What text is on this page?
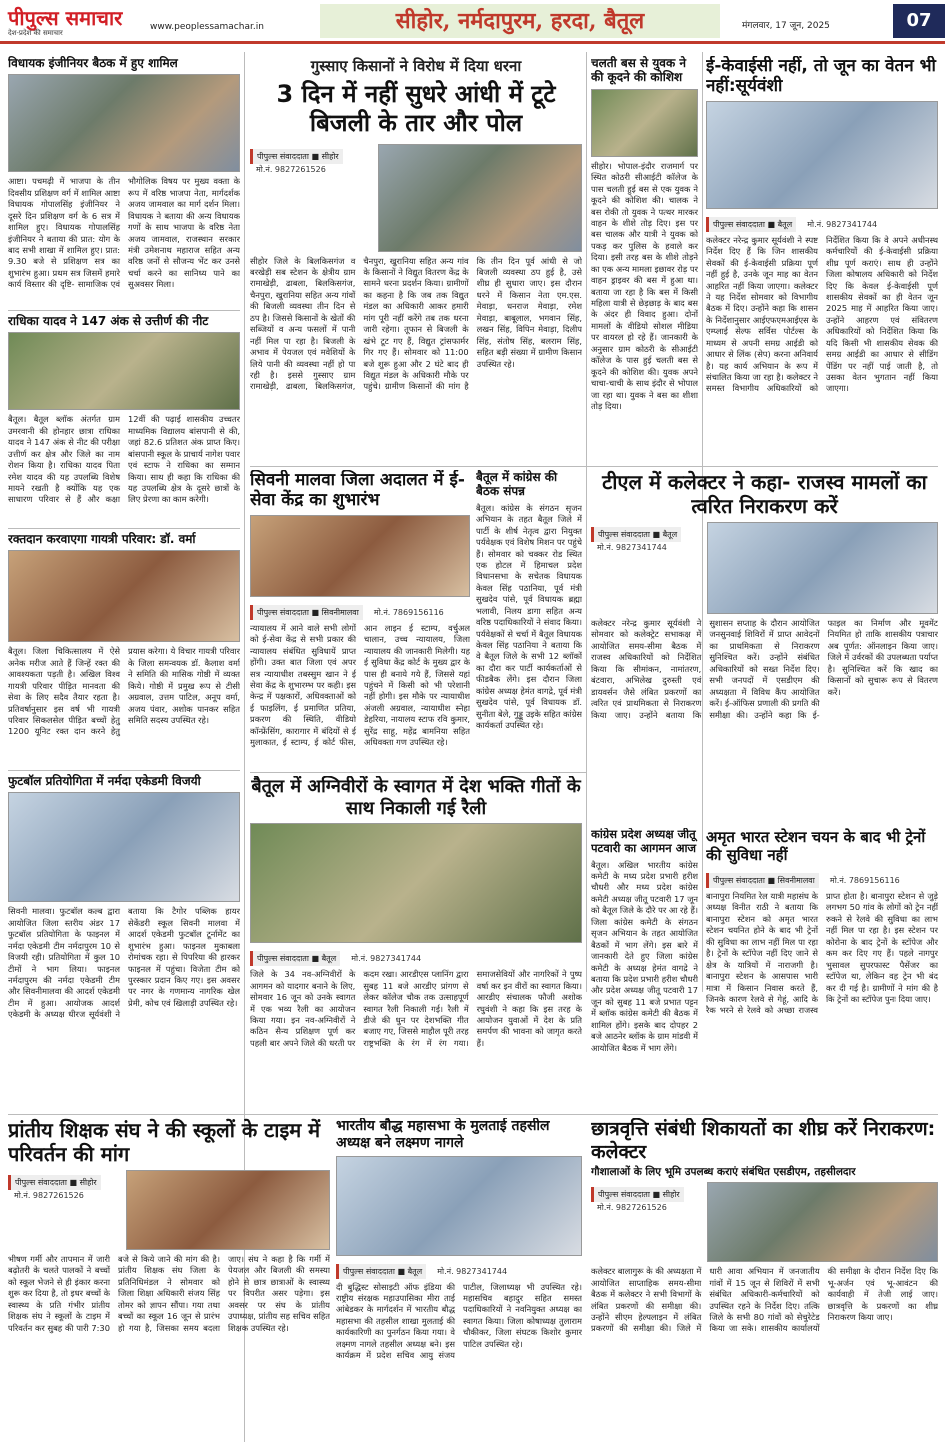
पीपुल्स समाचार
देश-प्रदेश की समाचार
www.peoplessamachar.in	सीहोर, नर्मदापुरम, हरदा, बैतूल	मंगलवार, 17 जून, 2025	07
विधायक इंजीनियर बैठक में हुए शामिल
आष्टा। पचमढ़ी में भाजपा के तीन दिवसीय प्रशिक्षण वर्ग में शामिल आष्टा विधायक गोपालसिंह इंजीनियर ने दूसरे दिन प्रशिक्षण वर्ग के 6 सत्र में शामिल हुए। विधायक गोपालसिंह इंजीनियर ने बताया की प्रात: योग के बाद सभी शाखा में शामिल हुए। प्रात: 9.30 बजे से प्रशिक्षण सत्र का शुभारंभ हुआ। प्रथम सत्र जिसमें हमारे कार्य विस्तार की दृष्टि- सामाजिक एवं भौगोलिक विषय पर मुख्य वक्ता के रूप में वरिष्ठ भाजपा नेता, मार्गदर्शक अजय जामवाल का मार्ग दर्शन मिला। विधायक ने बताया की अन्य विधायक गणों के साथ भाजपा के वरिष्ठ नेता अजय जामवाल, राजस्थान सरकार मंत्री उमेशनाथ महाराज सहित अन्य वरिष्ठ जनों से सौजन्य भेंट कर उनसे चर्चा करने का सानिध्य पाने का सुअवसर मिला।
राधिका यादव ने 147 अंक से उत्तीर्ण की नीट
बैतूल। बैतूल ब्लॉक अंतर्गत ग्राम उमरवानी की होनहार छात्रा राधिका यादव ने 147 अंक से नीट की परीक्षा उत्तीर्ण कर क्षेत्र और जिले का नाम रोशन किया है। राधिका यादव पिता रमेश यादव की यह उपलब्धि विशेष मायने रखती है क्योंकि यह एक साधारण परिवार से हैं और कक्षा 12वीं की पढ़ाई शासकीय उच्चतर माध्यमिक विद्यालय बांसपानी से की, जहां 82.6 प्रतिशत अंक प्राप्त किए। बांसपानी स्कूल के प्राचार्य नागेश पवार एवं स्टाफ ने राधिका का सम्मान किया। साथ ही कहा कि राधिका की यह उपलब्धि क्षेत्र के दूसरे छात्रों के लिए प्रेरणा का काम करेगी।
रक्तदान करवाएगा गायत्री परिवार: डॉ. वर्मा
बैतूल। जिला चिकित्सालय में ऐसे अनेक मरीज आते हैं जिन्हें रक्त की आवश्यकता पड़ती है। अखिल विश्व गायत्री परिवार पीड़ित मानवता की सेवा के लिए सदैव तैयार रहता है। प्रतिवर्षानुसार इस वर्ष भी गायत्री परिवार सिकलसेल पीड़ित बच्चों हेतु 1200 यूनिट रक्त दान करने हेतु प्रयास करेगा। ये विचार गायत्री परिवार के जिला समन्वयक डॉ. कैलाश वर्मा ने समिति की मासिक गोष्ठी में व्यक्त किये। गोष्ठी में प्रमुख रूप से टीसी अग्रवाल, उत्तम पाटिल, अनूप वर्मा, अजय पंवार, अशोक पानकर सहित समिति सदस्य उपस्थित रहे।
फुटबॉल प्रतियोगिता में नर्मदा एकेडमी विजयी
सिवनी मालवा। फुटबॉल कल्ब द्वारा आयोजित जिला स्तरीय अंडर 17 फुटबॉल प्रतियोगिता के फाइनल में नर्मदा एकेडमी टीम नर्मदापुरम 10 से विजयी रही। प्रतियोगिता में कुल 10 टीमों ने भाग लिया। फाइनल नर्मदापुरम की नर्मदा एकेडमी टीम और सिवनीमालवा की आदर्श एकेडमी टीम में हुआ। आयोजक आदर्श एकेडमी के अध्यक्ष धीरज सूर्यवंशी ने बताया कि टैगोर पब्लिक हायर सेकेंडरी स्कूल सिवनी मालवा में आदर्श एकेडमी फुटबॉल टूर्नामेंट का शुभारंभ हुआ। फाइनल मुकाबला रोमांचक रहा। से पिपरिया की हारकर फाइनल में पहुंचा। विजेता टीम को पुरस्कार प्रदान किए गए। इस अवसर पर नगर के गणमान्य नागरिक खेल प्रेमी, कोच एवं खिलाड़ी उपस्थित रहे।
गुस्साए किसानों ने विरोध में दिया धरना
3 दिन में नहीं सुधरे आंधी में टूटे बिजली के तार और पोल
पीपुल्स संवाददाता ■ सीहोर
मो.नं. 9827261526
सीहोर जिले के बिलकिसगंज व बरखेड़ी सब स्टेशन के क्षेत्रीय ग्राम रामाखेड़ी, ढाबला, बिलकिसगंज, चैनपुरा, खुरानिया सहित अन्य गांवों की बिजली व्यवस्था तीन दिन से ठप है। जिससे किसानों के खेतों की सब्जियों व अन्य फसलों में पानी नहीं मिल पा रहा है। बिजली के अभाव में पेयजल एवं मवेशियों के लिये पानी की व्यवस्था नहीं हो पा रही है। इससे गुस्साए ग्राम रामाखेड़ी, ढाबला, बिलकिसगंज, चैनपुरा, खुरानिया सहित अन्य गांव के किसानों ने विद्युत वितरण केंद्र के सामने धरना प्रदर्शन किया। ग्रामीणों का कहना है कि जब तक विद्युत मंडल का अधिकारी आकर हमारी मांग पूरी नहीं करेंगे तब तक धरना जारी रहेगा। तूफान से बिजली के खंभे टूट गए हैं, विद्युत ट्रांसफार्मर गिर गए हैं। सोमवार को 11:00 बजे शुरू हुआ और 2 घंटे बाद ही विद्युत मंडल के अधिकारी मौके पर पहुंचे। ग्रामीण किसानों की मांग है कि तीन दिन पूर्व आंधी से जो बिजली व्यवस्था ठप हुई है, उसे शीघ्र ही सुधारा जाए। इस दौरान धरने में किसान नेता एम.एस. मेवाड़ा, धनराज मेवाड़ा, रमेश मेवाड़ा, बाबूलाल, भगवान सिंह, लखन सिंह, विपिन मेवाड़ा, दिलीप सिंह, संतोष सिंह, बलराम सिंह, सहित बड़ी संख्या में ग्रामीण किसान उपस्थित रहे।
चलती बस से युवक ने की कूदने की कोशिश
सीहोर। भोपाल-इंदौर राजमार्ग पर स्थित कोठरी सीआईटी कॉलेज के पास चलती हुई बस से एक युवक ने कूदने की कोशिश की। चालक ने बस रोकी तो युवक ने पत्थर मारकर वाहन के शीशे तोड़ दिए। इस पर बस चालक और यात्री ने युवक को पकड़ कर पुलिस के हवाले कर दिया। इसी तरह बस के शीशे तोड़ने का एक अन्य मामला इछावर रोड़ पर वाहन ड्राइवर की बस में हुआ था। बताया जा रहा है कि बस में किसी महिला यात्री से छेड़छाड़ के बाद बस के अंदर ही विवाद हुआ। दोनों मामलों के वीडियो सोशल मीडिया पर वायरल हो रहे हैं। जानकारी के अनुसार ग्राम कोठरी के सीआईटी कॉलेज के पास हुई चलती बस से कूदने की कोशिश की। युवक अपने चाचा-चाची के साथ इंदौर से भोपाल जा रहा था। युवक ने बस का शीशा तोड़ दिया।
ई-केवाईसी नहीं, तो जून का वेतन भी नहीं:सूर्यवंशी
पीपुल्स संवाददाता ■ बैतूल मो.नं. 9827341744
कलेक्टर नरेन्द्र कुमार सूर्यवंशी ने स्पष्ट निर्देश दिए हैं कि जिन शासकीय सेवकों की ई-केवाईसी प्रक्रिया पूर्ण नहीं हुई है, उनके जून माह का वेतन आहरित नहीं किया जाएगा। कलेक्टर ने यह निर्देश सोमवार को विभागीय बैठक में दिए। उन्होंने कहा कि शासन के निर्देशानुसार आईएफएमआईएस के एम्प्लाई सेल्फ सर्विस पोर्टल्स के माध्यम से अपनी समग्र आईडी को आधार से लिंक (सेप) करना अनिवार्य है। यह कार्य अभियान के रूप में संचालित किया जा रहा है। कलेक्टर ने समस्त विभागीय अधिकारियों को निर्देशित किया कि वे अपने अधीनस्थ कर्मचारियों की ई-केवाईसी प्रक्रिया शीघ्र पूर्ण कराएं। साथ ही उन्होंने जिला कोषालय अधिकारी को निर्देश दिए कि केवल ई-केवाईसी पूर्ण शासकीय सेवकों का ही वेतन जून 2025 माह में आहरित किया जाए। उन्होंने आहरण एवं संवितरण अधिकारियों को निर्देशित किया कि यदि किसी भी शासकीय सेवक की समग्र आईडी का आधार से सीडिंग पेंडिंग पर नहीं पाई जाती है, तो उसका वेतन भुगतान नहीं किया जाएगा।
सिवनी मालवा जिला अदालत में ई-सेवा केंद्र का शुभारंभ
पीपुल्स संवाददाता ■ सिवनीमालवा मो.नं. 7869156116
न्यायालय में आने वाले सभी लोगों को ई-सेवा केंद्र से सभी प्रकार की न्यायालय संबंधित सुविधायें प्राप्त होंगी। उक्त बात जिला एवं अपर सत्र न्यायाधीश तबस्सुम खान ने ई सेवा केंद्र के शुभारम्भ पर कही। इस केन्द्र में पक्षकारों, अधिवक्ताओं को ई फाइलिंग, ई प्रमाणित प्रतिया, प्रकरण की स्थिति, वीडियो कॉन्फ्रेंसिंग, कारागार में बंदियों से ई मुलाकात, ई स्टाम्प, ई कोर्ट फीस, आन लाइन ई स्टाम्प, वर्चुअल चालान, उच्च न्यायालय, जिला न्यायालय की जानकारी मिलेगी। यह ई सुविधा केंद्र कोर्ट के मुख्य द्वार के पास ही बनाये गये हैं, जिससे यहां पहुंचने में किसी को भी परेशानी नहीं होगी। इस मौके पर न्यायाधीश अंजली अग्रवाल, न्यायाधीश स्नेहा डेहरिया, नायालय स्टाफ रवि कुमार, सुरेंद्र साहू, महेंद्र बामनिया सहित अधिवक्ता गण उपस्थित रहे।
बैतूल में कांग्रेस की बैठक संपन्न
बैतूल। कांग्रेस के संगठन सृजन अभियान के तहत बैतूल जिले में पार्टी के शीर्ष नेतृत्व द्वारा नियुक्त पर्यवेक्षक एवं विशेष मिशन पर पहुंचे हैं। सोमवार को चक्कर रोड स्थित एक होटल में हिमाचल प्रदेश विधानसभा के सचेतक विधायक केवल सिंह पठानिया, पूर्व मंत्री सुखदेव पांसे, पूर्व विधायक ब्रह्मा भलावी, निलय डागा सहित अन्य वरिष्ठ पदाधिकारियों ने संवाद किया। पर्यवेक्षकों से चर्चा में बैतूल विधायक केवल सिंह पठानिया ने बताया कि वे बैतूल जिले के सभी 12 ब्लॉकों का दौरा कर पार्टी कार्यकर्ताओं से फीडबैक लेंगे। इस दौरान जिला कांग्रेस अध्यक्ष हेमंत वागद्रे, पूर्व मंत्री सुखदेव पांसे, पूर्व विधायक डॉ. सुनीता बेले, गुड्डू उइके सहित कांग्रेस कार्यकर्ता उपस्थित रहे।
टीएल में कलेक्टर ने कहा- राजस्व मामलों का त्वरित निराकरण करें
पीपुल्स संवाददाता ■ बैतूल
मो.नं. 9827341744
कलेक्टर नरेन्द्र कुमार सूर्यवंशी ने सोमवार को कलेक्ट्रेट सभाकक्ष में आयोजित समय-सीमा बैठक में राजस्व अधिकारियों को निर्देशित किया कि सीमांकन, नामांतरण, बंटवारा, अभिलेख दुरुस्ती एवं डायवर्सन जैसे लंबित प्रकरणों का त्वरित एवं प्राथमिकता से निराकरण किया जाए। उन्होंने बताया कि सुशासन सप्ताह के दौरान आयोजित जनसुनवाई शिविरों में प्राप्त आवेदनों का प्राथमिकता से निराकरण सुनिश्चित करें। उन्होंने संबंधित अधिकारियों को सख्त निर्देश दिए। सभी जनपदों में एसडीएम की अध्यक्षता में विविध कैंप आयोजित करें। ई-ऑफिस प्रणाली की प्रगति की समीक्षा की। उन्होंने कहा कि ई-फाइल का निर्माण और मूवमेंट नियमित हो ताकि शासकीय पत्राचार अब पूर्णत: ऑनलाइन किया जाए। जिले में उर्वरकों की उपलब्धता पर्याप्त है। सुनिश्चित करें कि खाद का किसानों को सुचारू रूप से वितरण करें।
बैतूल में अग्निवीरों के स्वागत में देश भक्ति गीतों के साथ निकाली गई रैली
पीपुल्स संवाददाता ■ बैतूल मो.नं. 9827341744
जिले के 34 नव-अग्निवीरों के आगमन को यादगार बनाने के लिए, सोमवार 16 जून को उनके स्वागत में एक भव्य रैली का आयोजन किया गया। इन नव-अग्निवीरों ने कठिन सैन्य प्रशिक्षण पूर्ण कर पहली बार अपने जिले की धरती पर कदम रखा। आरडीएस प्लानिंग द्वारा सुबह 11 बजे आरडीए प्रांगण से लेकर कॉलेज चौक तक उत्साहपूर्ण स्वागत रैली निकाली गई। रैली में डीजे की धुन पर देशभक्ति गीत बजाए गए, जिससे माहौल पूरी तरह राष्ट्रभक्ति के रंग में रंग गया। समाजसेवियों और नागरिकों ने पुष्प वर्षा कर इन वीरों का स्वागत किया। आरडीए संचालक फौजी अशोक रघुवंशी ने कहा कि इस तरह के आयोजन युवाओं में देश के प्रति समर्पण की भावना को जागृत करते हैं।
कांग्रेस प्रदेश अध्यक्ष जीतू पटवारी का आगमन आज
बैतूल। अखिल भारतीय कांग्रेस कमेटी के मध्य प्रदेश प्रभारी हरीश चौधरी और मध्य प्रदेश कांग्रेस कमेटी अध्यक्ष जीतू पटवारी 17 जून को बैतूल जिले के दौरे पर आ रहे हैं। जिला कांग्रेस कमेटी के संगठन सृजन अभियान के तहत आयोजित बैठकों में भाग लेंगे। इस बारे में जानकारी देते हुए जिला कांग्रेस कमेटी के अध्यक्ष हेमंत वागद्रे ने बताया कि प्रदेश प्रभारी हरीश चौधरी और प्रदेश अध्यक्ष जीतू पटवारी 17 जून को सुबह 11 बजे प्रभात पट्टन में ब्लॉक कांग्रेस कमेटी की बैठक में शामिल होंगे। इसके बाद दोपहर 2 बजे आठनेर ब्लॉक के ग्राम मांडवी में आयोजित बैठक में भाग लेंगे।
अमृत भारत स्टेशन चयन के बाद भी ट्रेनों की सुविधा नहीं
पीपुल्स संवाददाता ■ सिवनीमालवा मो.नं. 7869156116
बानापुरा नियमित रेल यात्री महासंघ के अध्यक्ष विनीत राठी ने बताया कि बानापुरा स्टेशन को अमृत भारत स्टेशन चयनित होने के बाद भी ट्रेनों की सुविधा का लाभ नहीं मिल पा रहा है। ट्रेनों के स्टॉपेज नहीं दिए जाने से क्षेत्र के यात्रियों में नाराजगी है। बानापुरा स्टेशन के आसपास भारी मात्रा में किसान निवास करते हैं, जिनके कारण रेलवे से गेहूं, आदि के रैक भरने से रेलवे को अच्छा राजस्व प्राप्त होता है। बानापुरा स्टेशन से जुड़े लगभग 50 गांव के लोगों को ट्रेन नहीं रुकने से रेलवे की सुविधा का लाभ नहीं मिल पा रहा है। इस स्टेशन पर कोरोना के बाद ट्रेनों के स्टॉपेज और कम कर दिए गए हैं। पहले नागपुर भुसावल सुपरफास्ट पैसेंजर का स्टॉपेज था, लेकिन वह ट्रेन भी बंद कर दी गई है। ग्रामीणों ने मांग की है कि ट्रेनों का स्टॉपेज पुनः दिया जाए।
प्रांतीय शिक्षक संघ ने की स्कूलों के टाइम में परिवर्तन की मांग
पीपुल्स संवाददाता ■ सीहोर
मो.नं. 9827261526
भीषण गर्मी और तापमान में जारी बढ़ोतरी के चलते पालकों ने बच्चों को स्कूल भेजने से ही इंकार करना शुरू कर दिया है, तो इधर बच्चों के स्वास्थ्य के प्रति गंभीर प्रांतीय शिक्षक संघ ने स्कूलों के टाइम में परिवर्तन कर सुबह की पारी 7:30 बजे से किये जाने की मांग की है। प्रांतीय शिक्षक संघ जिला के प्रतिनिधिमंडल ने सोमवार को जिला शिक्षा अधिकारी संजय सिंह तोमर को ज्ञापन सौंपा। गया तथा बच्चों का स्कूल 16 जून से प्रारंभ हो गया है, जिसका समय बदला जाए। संघ ने कहा है कि गर्मी में पेयजल और बिजली की समस्या होने से छात्र छात्राओं के स्वास्थ्य पर विपरीत असर पड़ेगा। इस अवसर पर संघ के प्रांतीय उपाध्यक्ष, प्रांतीय सह सचिव सहित शिक्षक उपस्थित रहे।
भारतीय बौद्ध महासभा के मुलताई तहसील अध्यक्ष बने लक्ष्मण नागले
पीपुल्स संवाददाता ■ बैतूल मो.नं. 9827341744
दी बुद्धिस्ट सोसाइटी ऑफ इंडिया की राष्ट्रीय संरक्षक महाउपासिका मीरा ताई आंबेडकर के मार्गदर्शन में भारतीय बौद्ध महासभा की तहसील शाखा मुलताई की कार्यकारिणी का पुनर्गठन किया गया। वे लक्ष्मण नागले तहसील अध्यक्ष बने। इस कार्यक्रम में प्रदेश सचिव आयु संजय पाटील, जिलाध्यक्ष भी उपस्थित रहे। महासचिव बहादुर सहित समस्त पदाधिकारियों ने नवनियुक्त अध्यक्ष का स्वागत किया। जिला कोषाध्यक्ष तुलाराम चौकीकर, जिला संघटक किशोर कुमार पाटिल उपस्थित रहे।
छात्रवृत्ति संबंधी शिकायतों का शीघ्र करें निराकरण: कलेक्टर
गौशालाओं के लिए भूमि उपलब्ध कराएं संबंधित एसडीएम, तहसीलदार
पीपुल्स संवाददाता ■ सीहोर
मो.नं. 9827261526
कलेक्टर बालागुरू के की अध्यक्षता में आयोजित साप्ताहिक समय-सीमा बैठक में कलेक्टर ने सभी विभागों के लंबित प्रकरणों की समीक्षा की। उन्होंने सीएम हेल्पलाइन में लंबित प्रकरणों की समीक्षा की। जिले में धारी आवा अभियान में जनजातीय गांवों में 15 जून से शिविरों में सभी संबंधित अधिकारी-कर्मचारियों को उपस्थित रहने के निर्देश दिए। तत्कि जिले के सभी 80 गांवों को सेचुरेटेड किया जा सके। शासकीय कार्यालयों की समीक्षा के दौरान निर्देश दिए कि भू-अर्जन एवं भू-आवंटन की कार्यवाही में तेजी लाई जाए। छात्रवृत्ति के प्रकरणों का शीघ्र निराकरण किया जाए।
